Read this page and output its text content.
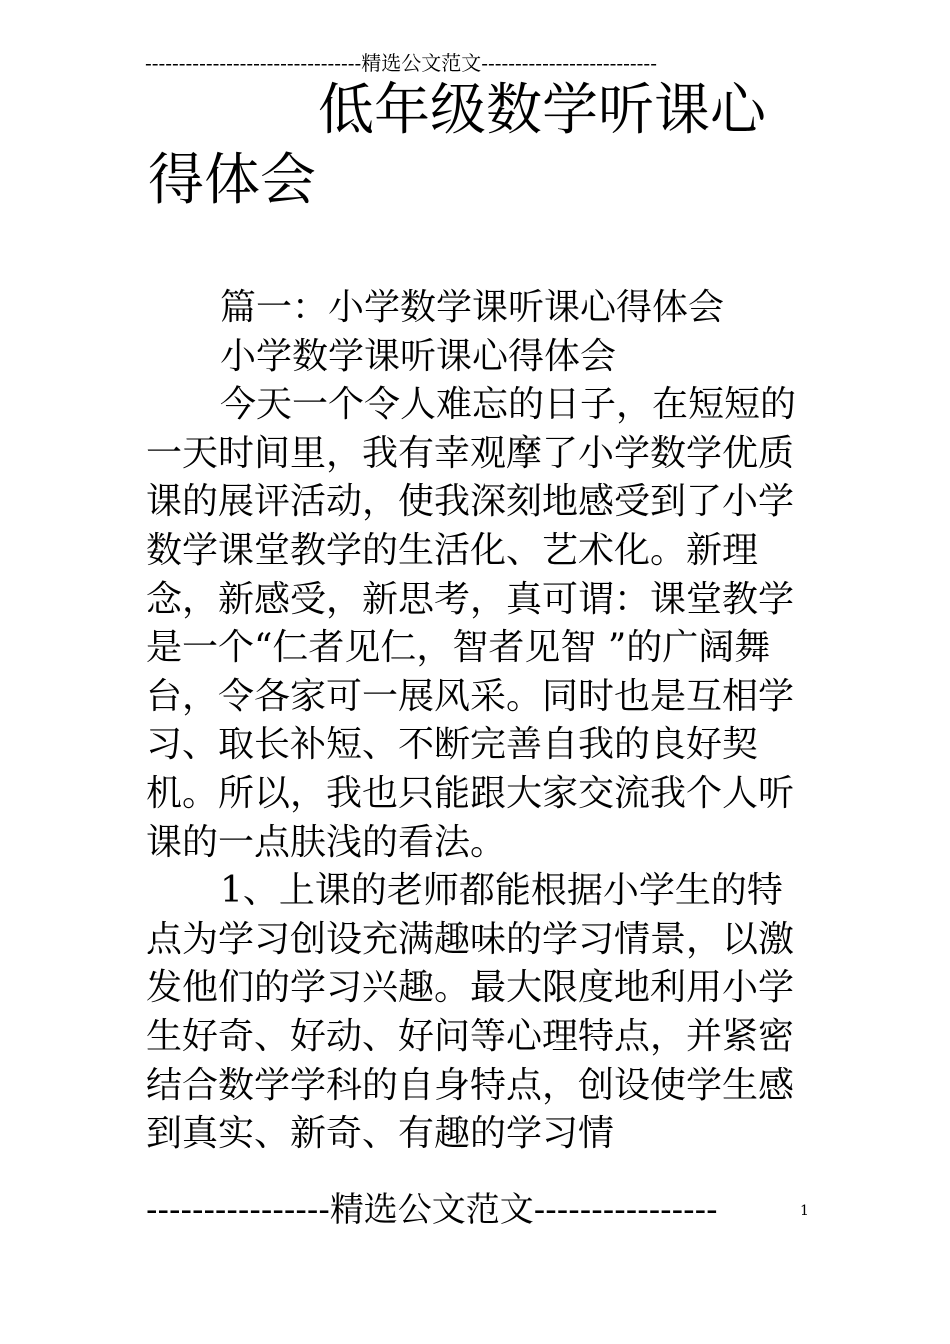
--------------------------------精选公文范文--------------------------
低年级数学听课心得体会

篇一：小学数学课听课心得体会

小学数学课听课心得体会

今天一个令人难忘的日子，在短短的一天时间里，我有幸观摩了小学数学优质课的展评活动，使我深刻地感受到了小学数学课堂教学的生活化、艺术化。新理念，新感受，新思考，真可谓：课堂教学是一个“仁者见仁，智者见智 ”的广阔舞台，令各家可一展风采。同时也是互相学习、取长补短、不断完善自我的良好契机。所以，我也只能跟大家交流我个人听课的一点肤浅的看法。

1、上课的老师都能根据小学生的特点为学习创设充满趣味的学习情景，以激发他们的学习兴趣。最大限度地利用小学生好奇、好动、好问等心理特点，并紧密结合数学学科的自身特点，创设使学生感到真实、新奇、有趣的学习情

----------------精选公文范文----------------	1
